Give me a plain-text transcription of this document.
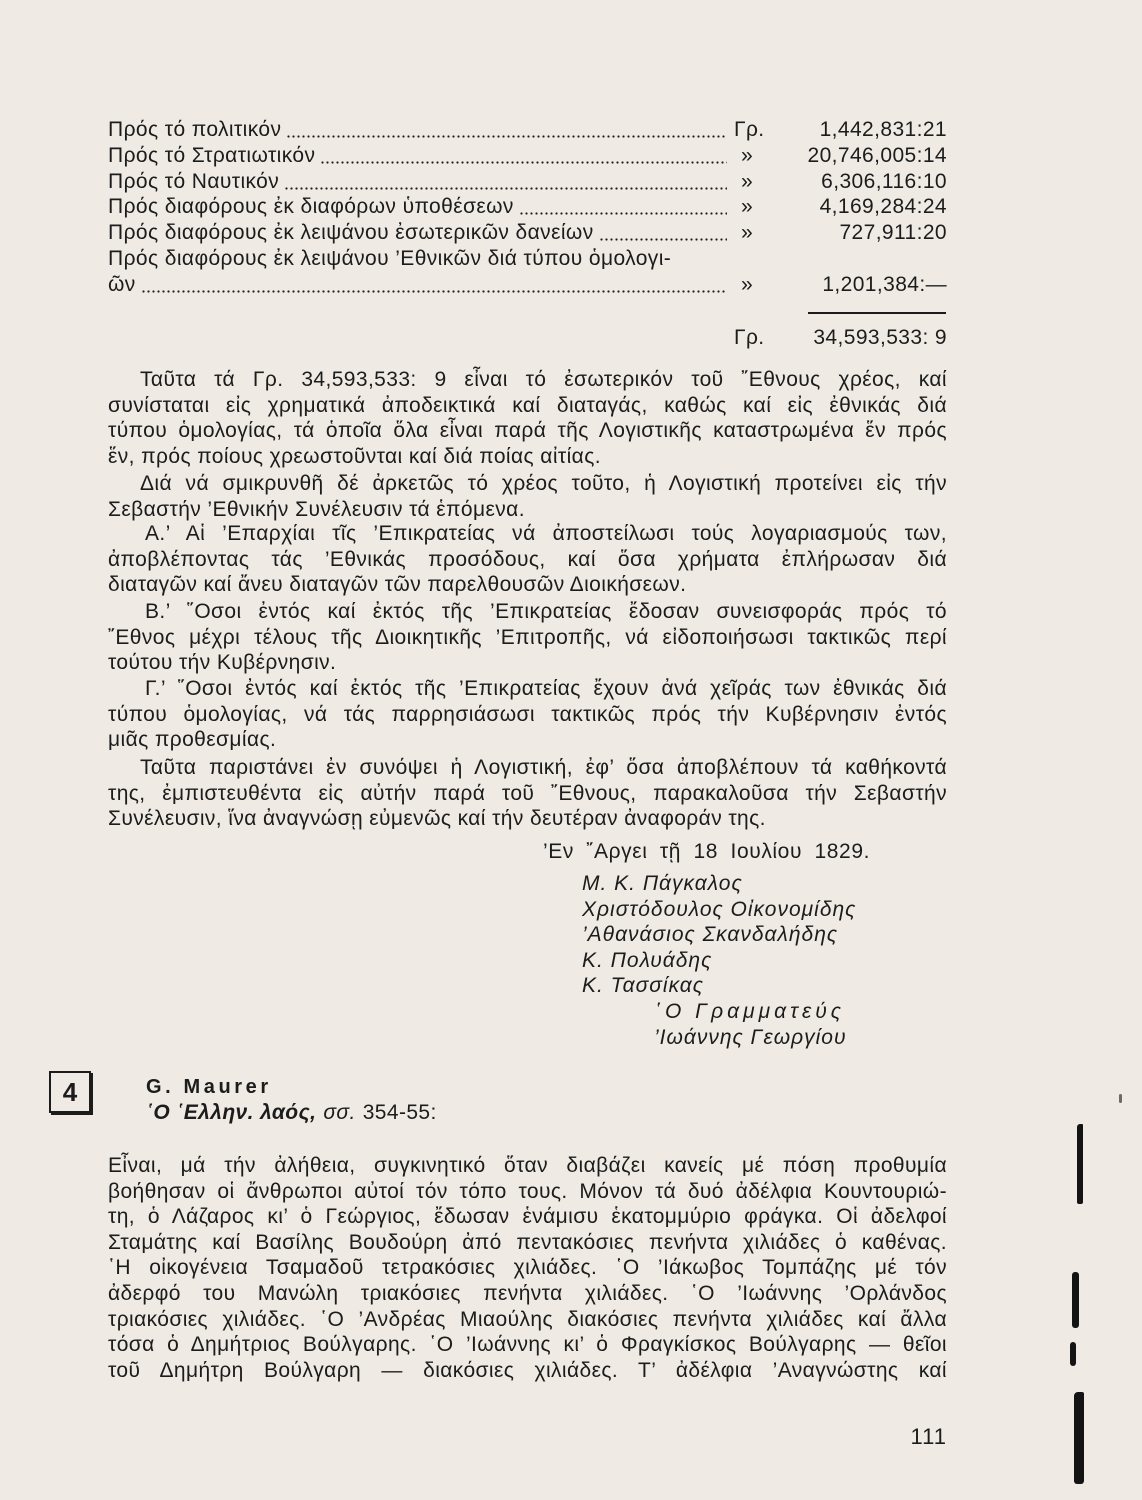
Πρός τό πολιτικόν	Γρ.	1,442,831:21
Πρός τό Στρατιωτικόν	»	20,746,005:14
Πρός τό Ναυτικόν	»	6,306,116:10
Πρός διαφόρους ἐκ διαφόρων ὑποθέσεων	»	4,169,284:24
Πρός διαφόρους ἐκ λειψάνου ἐσωτερικῶν δανείων	»	727,911:20
Πρός διαφόρους ἐκ λειψάνου ’Εθνικῶν διά τύπου ὁμολογι-
ῶν	»	1,201,384:—
Γρ.	34,593,533: 9
Ταῦτα τά Γρ. 34,593,533: 9 εἶναι τό ἐσωτερικόν τοῦ ῎Εθνους χρέος, καί
συνίσταται εἰς χρηματικά ἀποδεικτικά καί διαταγάς, καθώς καί εἰς ἐθνικάς διά
τύπου ὁμολογίας, τά ὁποῖα ὅλα εἶναι παρά τῆς Λογιστικῆς καταστρωμένα ἕν πρός
ἕν, πρός ποίους χρεωστοῦνται καί διά ποίας αἰτίας.
Διά νά σμικρυνθῆ δέ ἀρκετῶς τό χρέος τοῦτο, ἡ Λογιστική προτείνει εἰς τήν
Σεβαστήν ’Εθνικήν Συνέλευσιν τά ἑπόμενα.
Α.’ Αἱ ’Επαρχίαι τῖς ’Επικρατείας νά ἀποστείλωσι τούς λογαριασμούς των,
ἀποβλέποντας τάς ’Εθνικάς προσόδους, καί ὅσα χρήματα ἐπλήρωσαν διά
διαταγῶν καί ἄνευ διαταγῶν τῶν παρελθουσῶν Διοικήσεων.
Β.’ ῞Οσοι ἐντός καί ἐκτός τῆς ’Επικρατείας ἔδοσαν συνεισφοράς πρός τό
῎Εθνος μέχρι τέλους τῆς Διοικητικῆς ’Επιτροπῆς, νά εἰδοποιήσωσι τακτικῶς περί
τούτου τήν Κυβέρνησιν.
Γ.’ ῞Οσοι ἐντός καί ἐκτός τῆς ’Επικρατείας ἔχουν ἀνά χεῖράς των ἐθνικάς διά
τύπου ὁμολογίας, νά τάς παρρησιάσωσι τακτικῶς πρός τήν Κυβέρνησιν ἐντός
μιᾶς προθεσμίας.
Ταῦτα παριστάνει ἐν συνόψει ἡ Λογιστική, ἐφ’ ὅσα ἀποβλέπουν τά καθήκοντά
της, ἐμπιστευθέντα εἰς αὐτήν παρά τοῦ ῎Εθνους, παρακαλοῦσα τήν Σεβαστήν
Συνέλευσιν, ἵνα ἀναγνώσῃ εὐμενῶς καί τήν δευτέραν ἀναφοράν της.
’Εν ῎Αργει τῇ 18 Ιουλίου 1829.
Μ. Κ. Πάγκαλος
Χριστόδουλος Οἰκονομίδης
’Αθανάσιος Σκανδαλήδης
Κ. Πολυάδης
Κ. Τασσίκας
῾Ο Γραμματεύς
’Ιωάννης Γεωργίου
4	G. Maurer
῾Ο ῾Ελλην. λαός, σσ. 354-55:
Εἶναι, μά τήν ἀλήθεια, συγκινητικό ὅταν διαβάζει κανείς μέ πόση προθυμία
βοήθησαν οἱ ἄνθρωποι αὐτοί τόν τόπο τους. Μόνον τά δυό ἀδέλφια Κουντουριώ-
τη, ὁ Λάζαρος κι’ ὁ Γεώργιος, ἔδωσαν ἑνάμισυ ἑκατομμύριο φράγκα. Οἱ ἀδελφοί
Σταμάτης καί Βασίλης Βουδούρη ἀπό πεντακόσιες πενήντα χιλιάδες ὁ καθένας.
῾Η οἰκογένεια Τσαμαδοῦ τετρακόσιες χιλιάδες. ῾Ο ’Ιάκωβος Τομπάζης μέ τόν
ἀδερφό του Μανώλη τριακόσιες πενήντα χιλιάδες. ῾Ο ’Ιωάννης ’Ορλάνδος
τριακόσιες χιλιάδες. ῾Ο ’Ανδρέας Μιαούλης διακόσιες πενήντα χιλιάδες καί ἄλλα
τόσα ὁ Δημήτριος Βούλγαρης. ῾Ο ’Ιωάννης κι’ ὁ Φραγκίσκος Βούλγαρης — θεῖοι
τοῦ Δημήτρη Βούλγαρη — διακόσιες χιλιάδες. Τ’ ἀδέλφια ’Αναγνώστης καί
111
